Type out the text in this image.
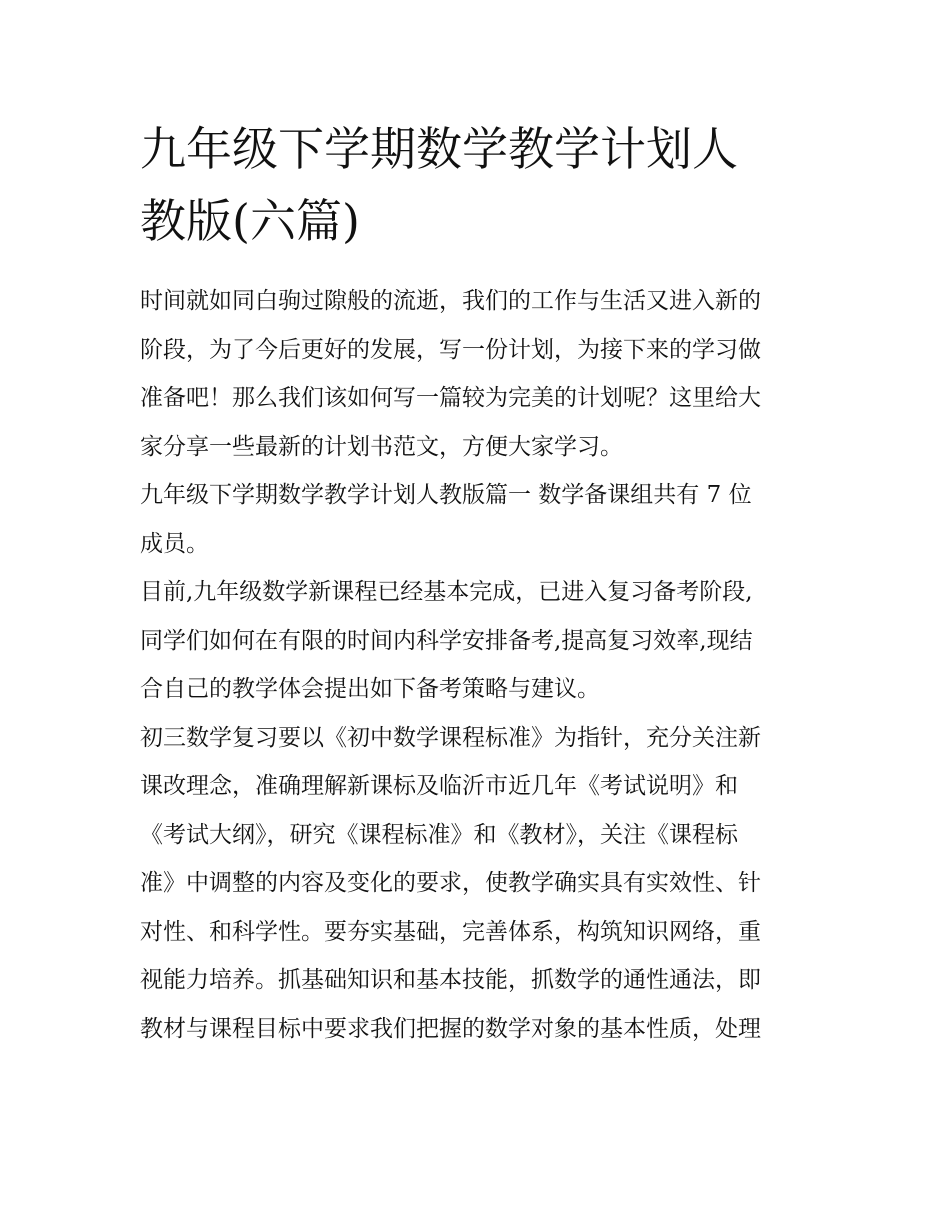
九年级下学期数学教学计划人
教版(六篇)
时间就如同白驹过隙般的流逝，我们的工作与生活又进入新的
阶段，为了今后更好的发展，写一份计划，为接下来的学习做
准备吧！那么我们该如何写一篇较为完美的计划呢？这里给大
家分享一些最新的计划书范文，方便大家学习。
九年级下学期数学教学计划人教版篇一 数学备课组共有 7 位
成员。
目前,九年级数学新课程已经基本完成，已进入复习备考阶段,
同学们如何在有限的时间内科学安排备考,提高复习效率,现结
合自己的教学体会提出如下备考策略与建议。
初三数学复习要以《初中数学课程标准》为指针，充分关注新
课改理念，准确理解新课标及临沂市近几年《考试说明》和
《考试大纲》，研究《课程标准》和《教材》，关注《课程标
准》中调整的内容及变化的要求，使教学确实具有实效性、针
对性、和科学性。要夯实基础，完善体系，构筑知识网络，重
视能力培养。抓基础知识和基本技能，抓数学的通性通法，即
教材与课程目标中要求我们把握的数学对象的基本性质，处理
